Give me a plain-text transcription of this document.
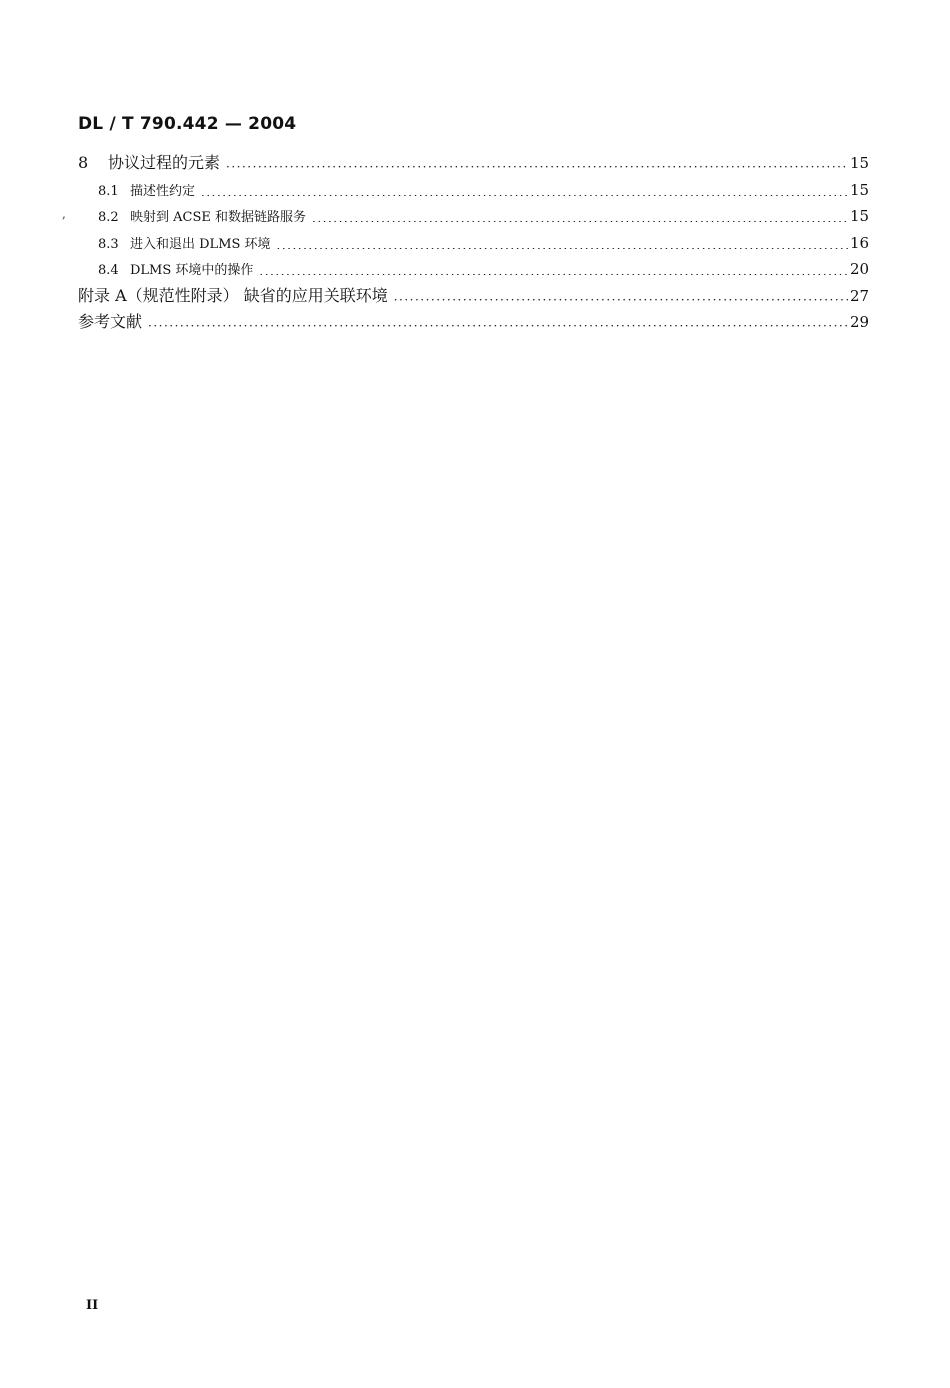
DL / T 790.442 — 2004
,
8	协议过程的元素 ·····	15
8.1 描述性约定 ·····	15
8.2 映射到 ACSE 和数据链路服务 ·····	15
8.3 进入和退出 DLMS 环境 ·····	16
8.4 DLMS 环境中的操作 ·····	20
附录 A（规范性附录） 缺省的应用关联环境 ·····	27
参考文献 ·····	29
II
